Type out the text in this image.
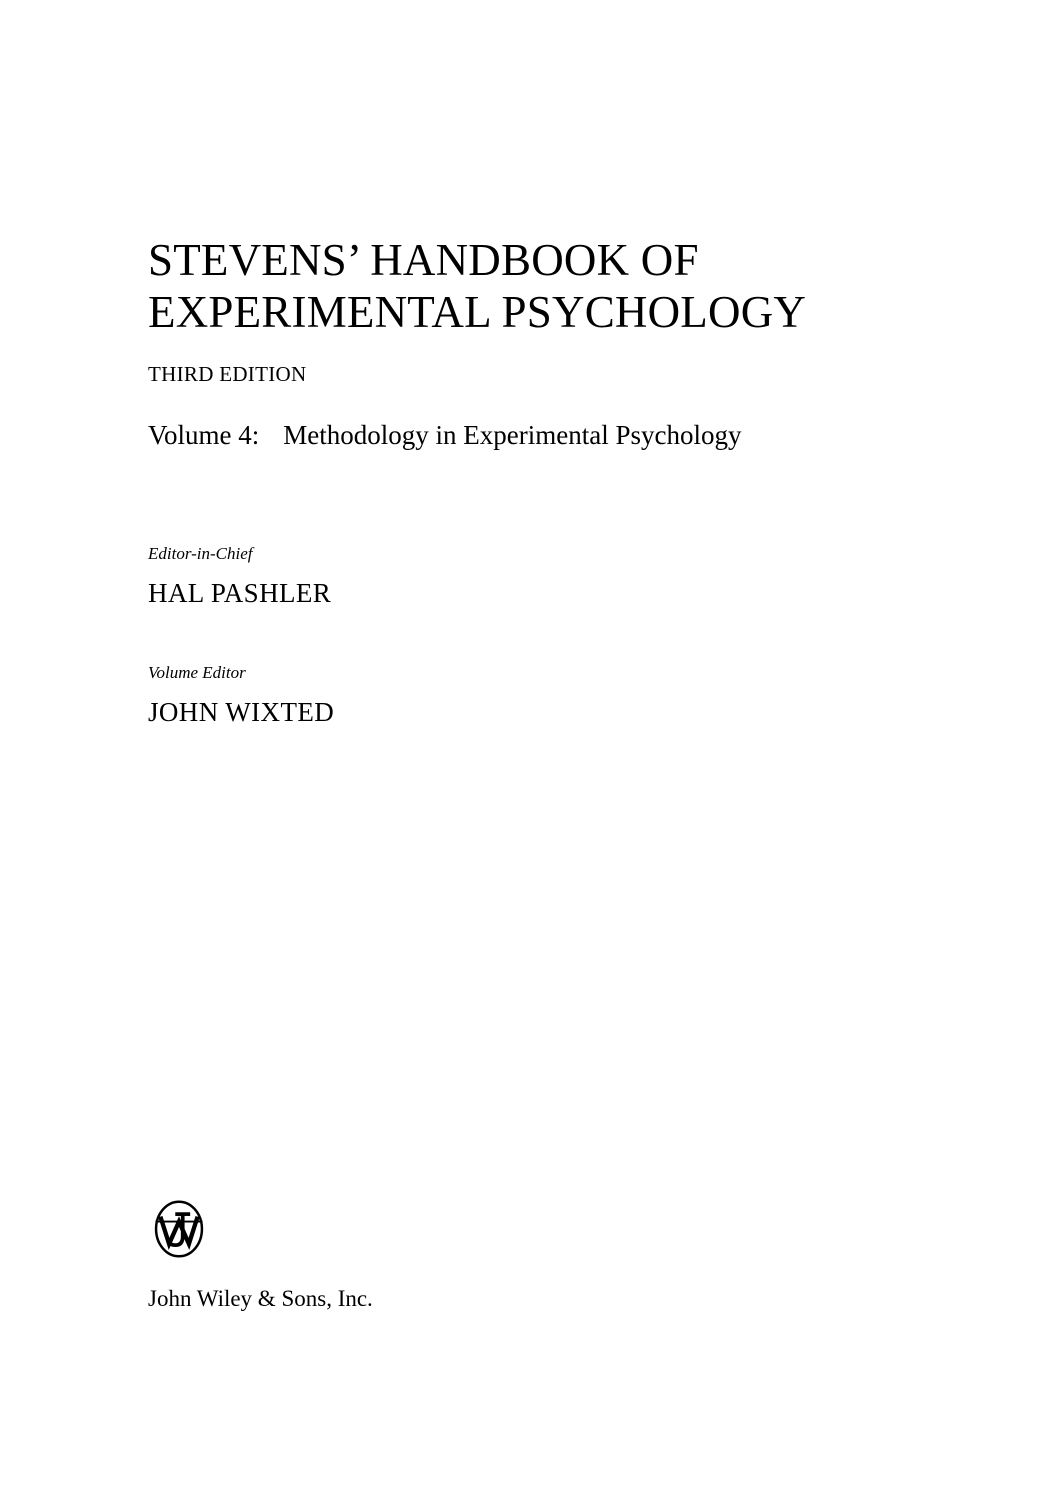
STEVENS’ HANDBOOK OF
EXPERIMENTAL PSYCHOLOGY
THIRD EDITION
Volume 4: Methodology in Experimental Psychology
Editor-in-Chief
HAL PASHLER
Volume Editor
JOHN WIXTED
John Wiley & Sons, Inc.
